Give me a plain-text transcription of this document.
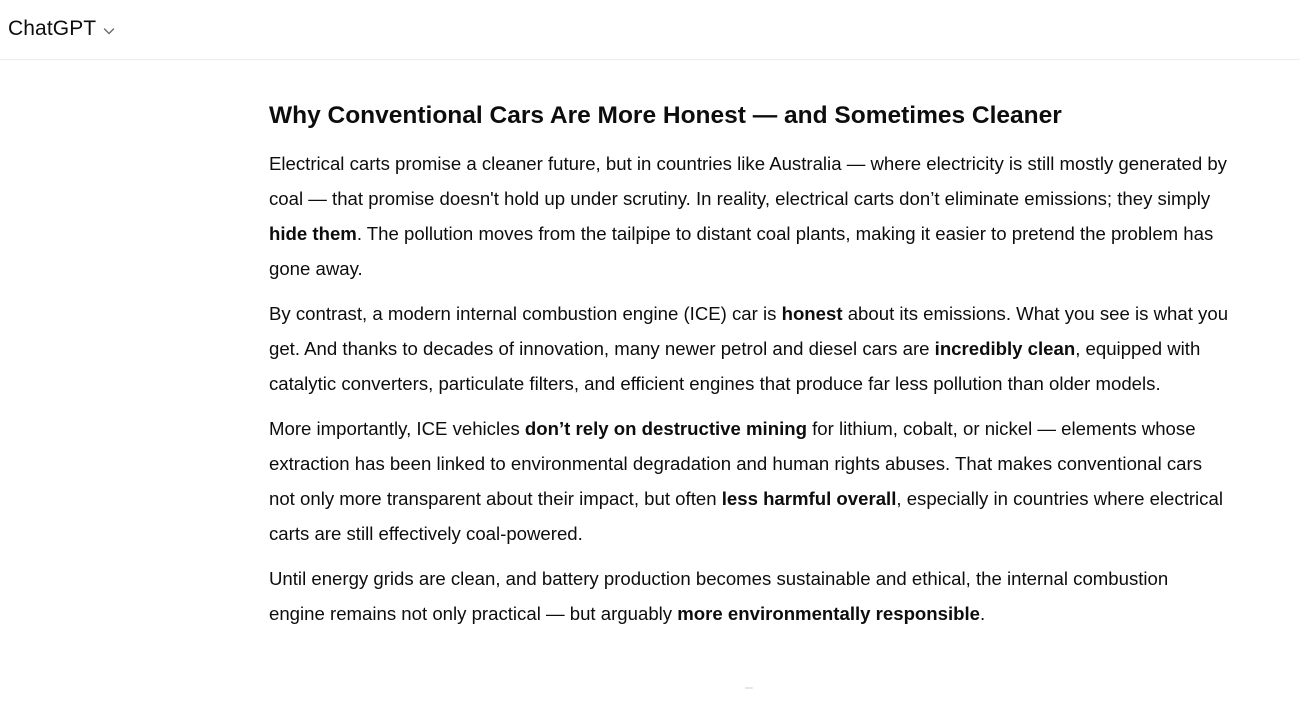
ChatGPT
Why Conventional Cars Are More Honest — and Sometimes Cleaner

Electrical carts promise a cleaner future, but in countries like Australia — where electricity is still mostly generated by coal — that promise doesn't hold up under scrutiny. In reality, electrical carts don’t eliminate emissions; they simply hide them. The pollution moves from the tailpipe to distant coal plants, making it easier to pretend the problem has gone away.

By contrast, a modern internal combustion engine (ICE) car is honest about its emissions. What you see is what you get. And thanks to decades of innovation, many newer petrol and diesel cars are incredibly clean, equipped with catalytic converters, particulate filters, and efficient engines that produce far less pollution than older models.

More importantly, ICE vehicles don’t rely on destructive mining for lithium, cobalt, or nickel — elements whose extraction has been linked to environmental degradation and human rights abuses. That makes conventional cars not only more transparent about their impact, but often less harmful overall, especially in countries where electrical carts are still effectively coal-powered.

Until energy grids are clean, and battery production becomes sustainable and ethical, the internal combustion engine remains not only practical — but arguably more environmentally responsible.
